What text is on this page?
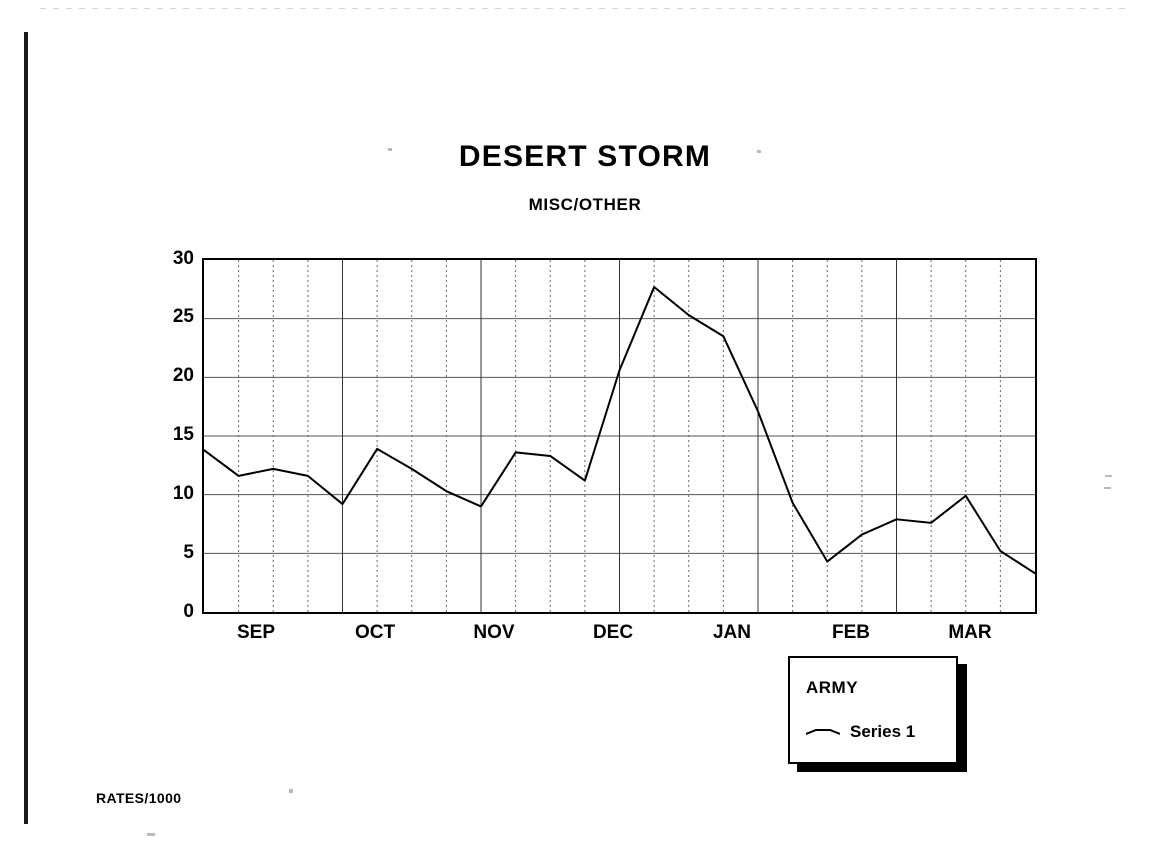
DESERT STORM
MISC/OTHER
30
25
20
15
10
5
0
SEP	OCT	NOV	DEC	JAN	FEB	MAR
ARMY
Series 1
RATES/1000
